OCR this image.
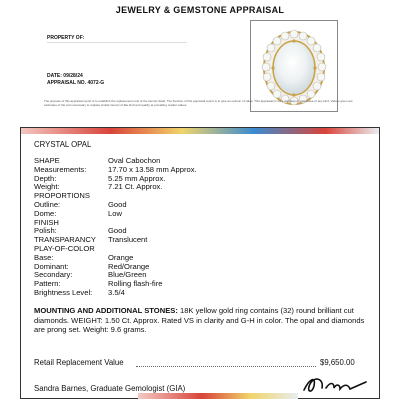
JEWELRY & GEMSTONE APPRAISAL
PROPERTY OF:
DATE: 09/28/24
APPRAISAL NO. 4072-G
The purpose of this appraisal report is to establish the replacement cost of the item(s) listed. The function of this appraisal report is to give an opinion of value. This appraisal is not a warranty or guarantee of any kind. Values given are estimates of the cost necessary to replace similar item(s) of like kind and quality at prevailing market values.
CRYSTAL OPAL
SHAPE	Oval Cabochon
Measurements:	17.70 x 13.58 mm Approx.
Depth:	5.25 mm Approx.
Weight:	7.21 Ct. Approx.
PROPORTIONS
Outline:	Good
Dome:	Low
FINISH
Polish:	Good
TRANSPARANCY Translucent
PLAY-OF-COLOR
Base:	Orange
Dominant:	Red/Orange
Secondary:	Blue/Green
Pattern:	Rolling flash-fire
Brightness Level: 3.5/4
MOUNTING AND ADDITIONAL STONES: 18K yellow gold ring contains (32) round brilliant cut diamonds. WEIGHT: 1.50 Ct. Approx. Rated VS in clarity and G-H in color. The opal and diamonds are prong set. Weight: 9.6 grams.
Retail Replacement Value	$9,650.00
Sandra Barnes, Graduate Gemologist (GIA)
